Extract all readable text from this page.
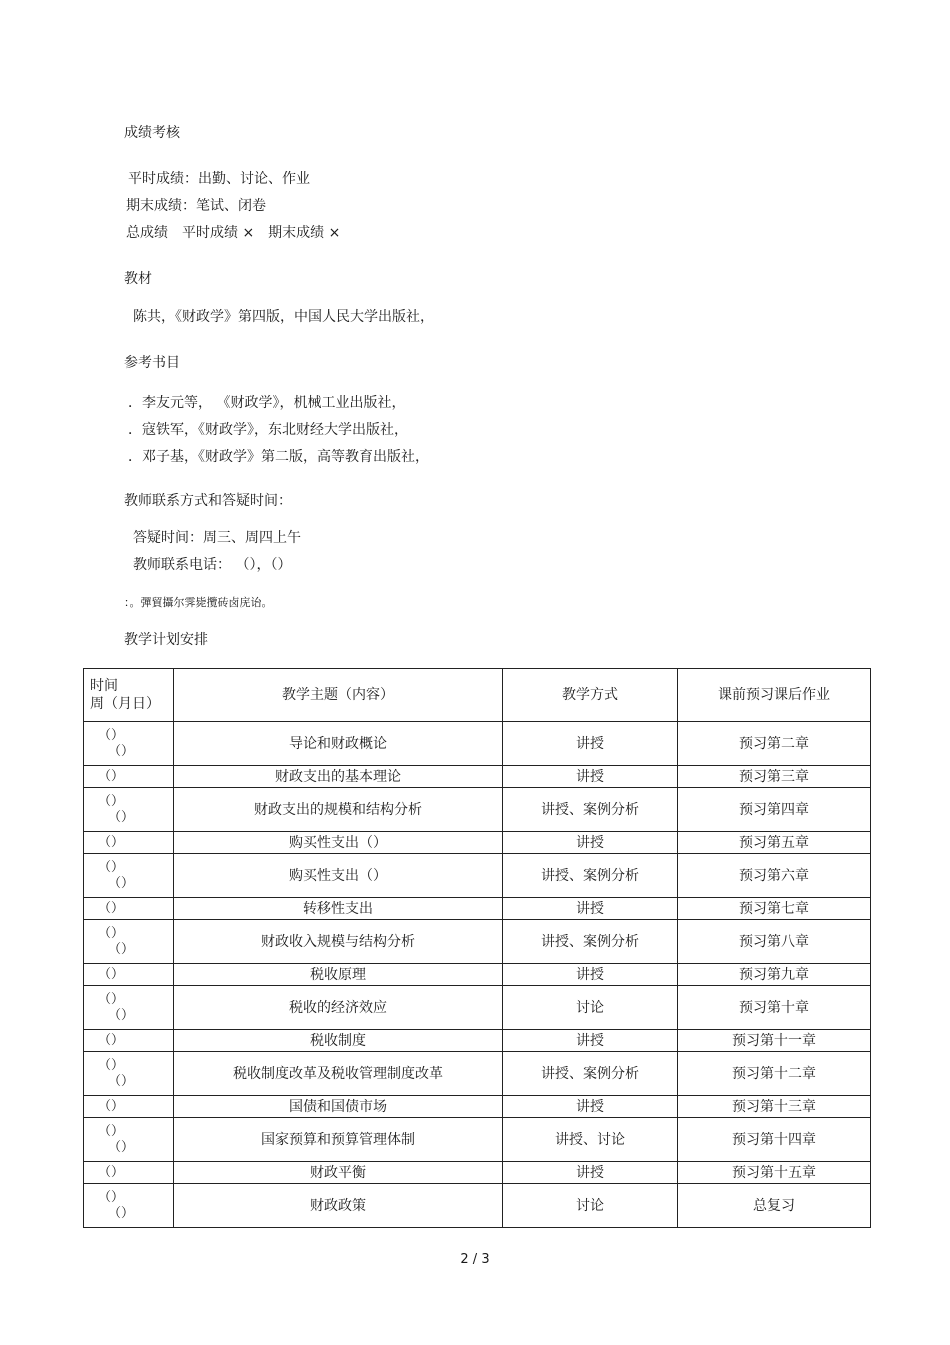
成绩考核
平时成绩：出勤、讨论、作业
期末成绩：笔试、闭卷
总成绩　平时成绩 ×　期末成绩 ×
教材
陈共，《财政学》第四版，中国人民大学出版社，
参考书目
．李友元等， 《财政学》，机械工业出版社，
．寇铁军，《财政学》，东北财经大学出版社，
．邓子基，《财政学》第二版，高等教育出版社，
教师联系方式和答疑时间：
答疑时间：周三、周四上午
教师联系电话： （），（）
：。彈貿攝尔霁毙攬砖卤庑诒。
教学计划安排
时间
周（月日）	教学主题（内容）	教学方式	课前预习课后作业

（）
（）	导论和财政概论	讲授	预习第二章

（）	财政支出的基本理论	讲授	预习第三章

（）
（）	财政支出的规模和结构分析	讲授、案例分析	预习第四章

（）	购买性支出（）	讲授	预习第五章

（）
（）	购买性支出（）	讲授、案例分析	预习第六章

（）	转移性支出	讲授	预习第七章

（）
（）	财政收入规模与结构分析	讲授、案例分析	预习第八章

（）	税收原理	讲授	预习第九章

（）
（）	税收的经济效应	讨论	预习第十章

（）	税收制度	讲授	预习第十一章

（）
（）	税收制度改革及税收管理制度改革	讲授、案例分析	预习第十二章

（）	国债和国债市场	讲授	预习第十三章

（）
（）	国家预算和预算管理体制	讲授、讨论	预习第十四章

（）	财政平衡	讲授	预习第十五章

（）
（）	财政政策	讨论	总复习
2 / 3
